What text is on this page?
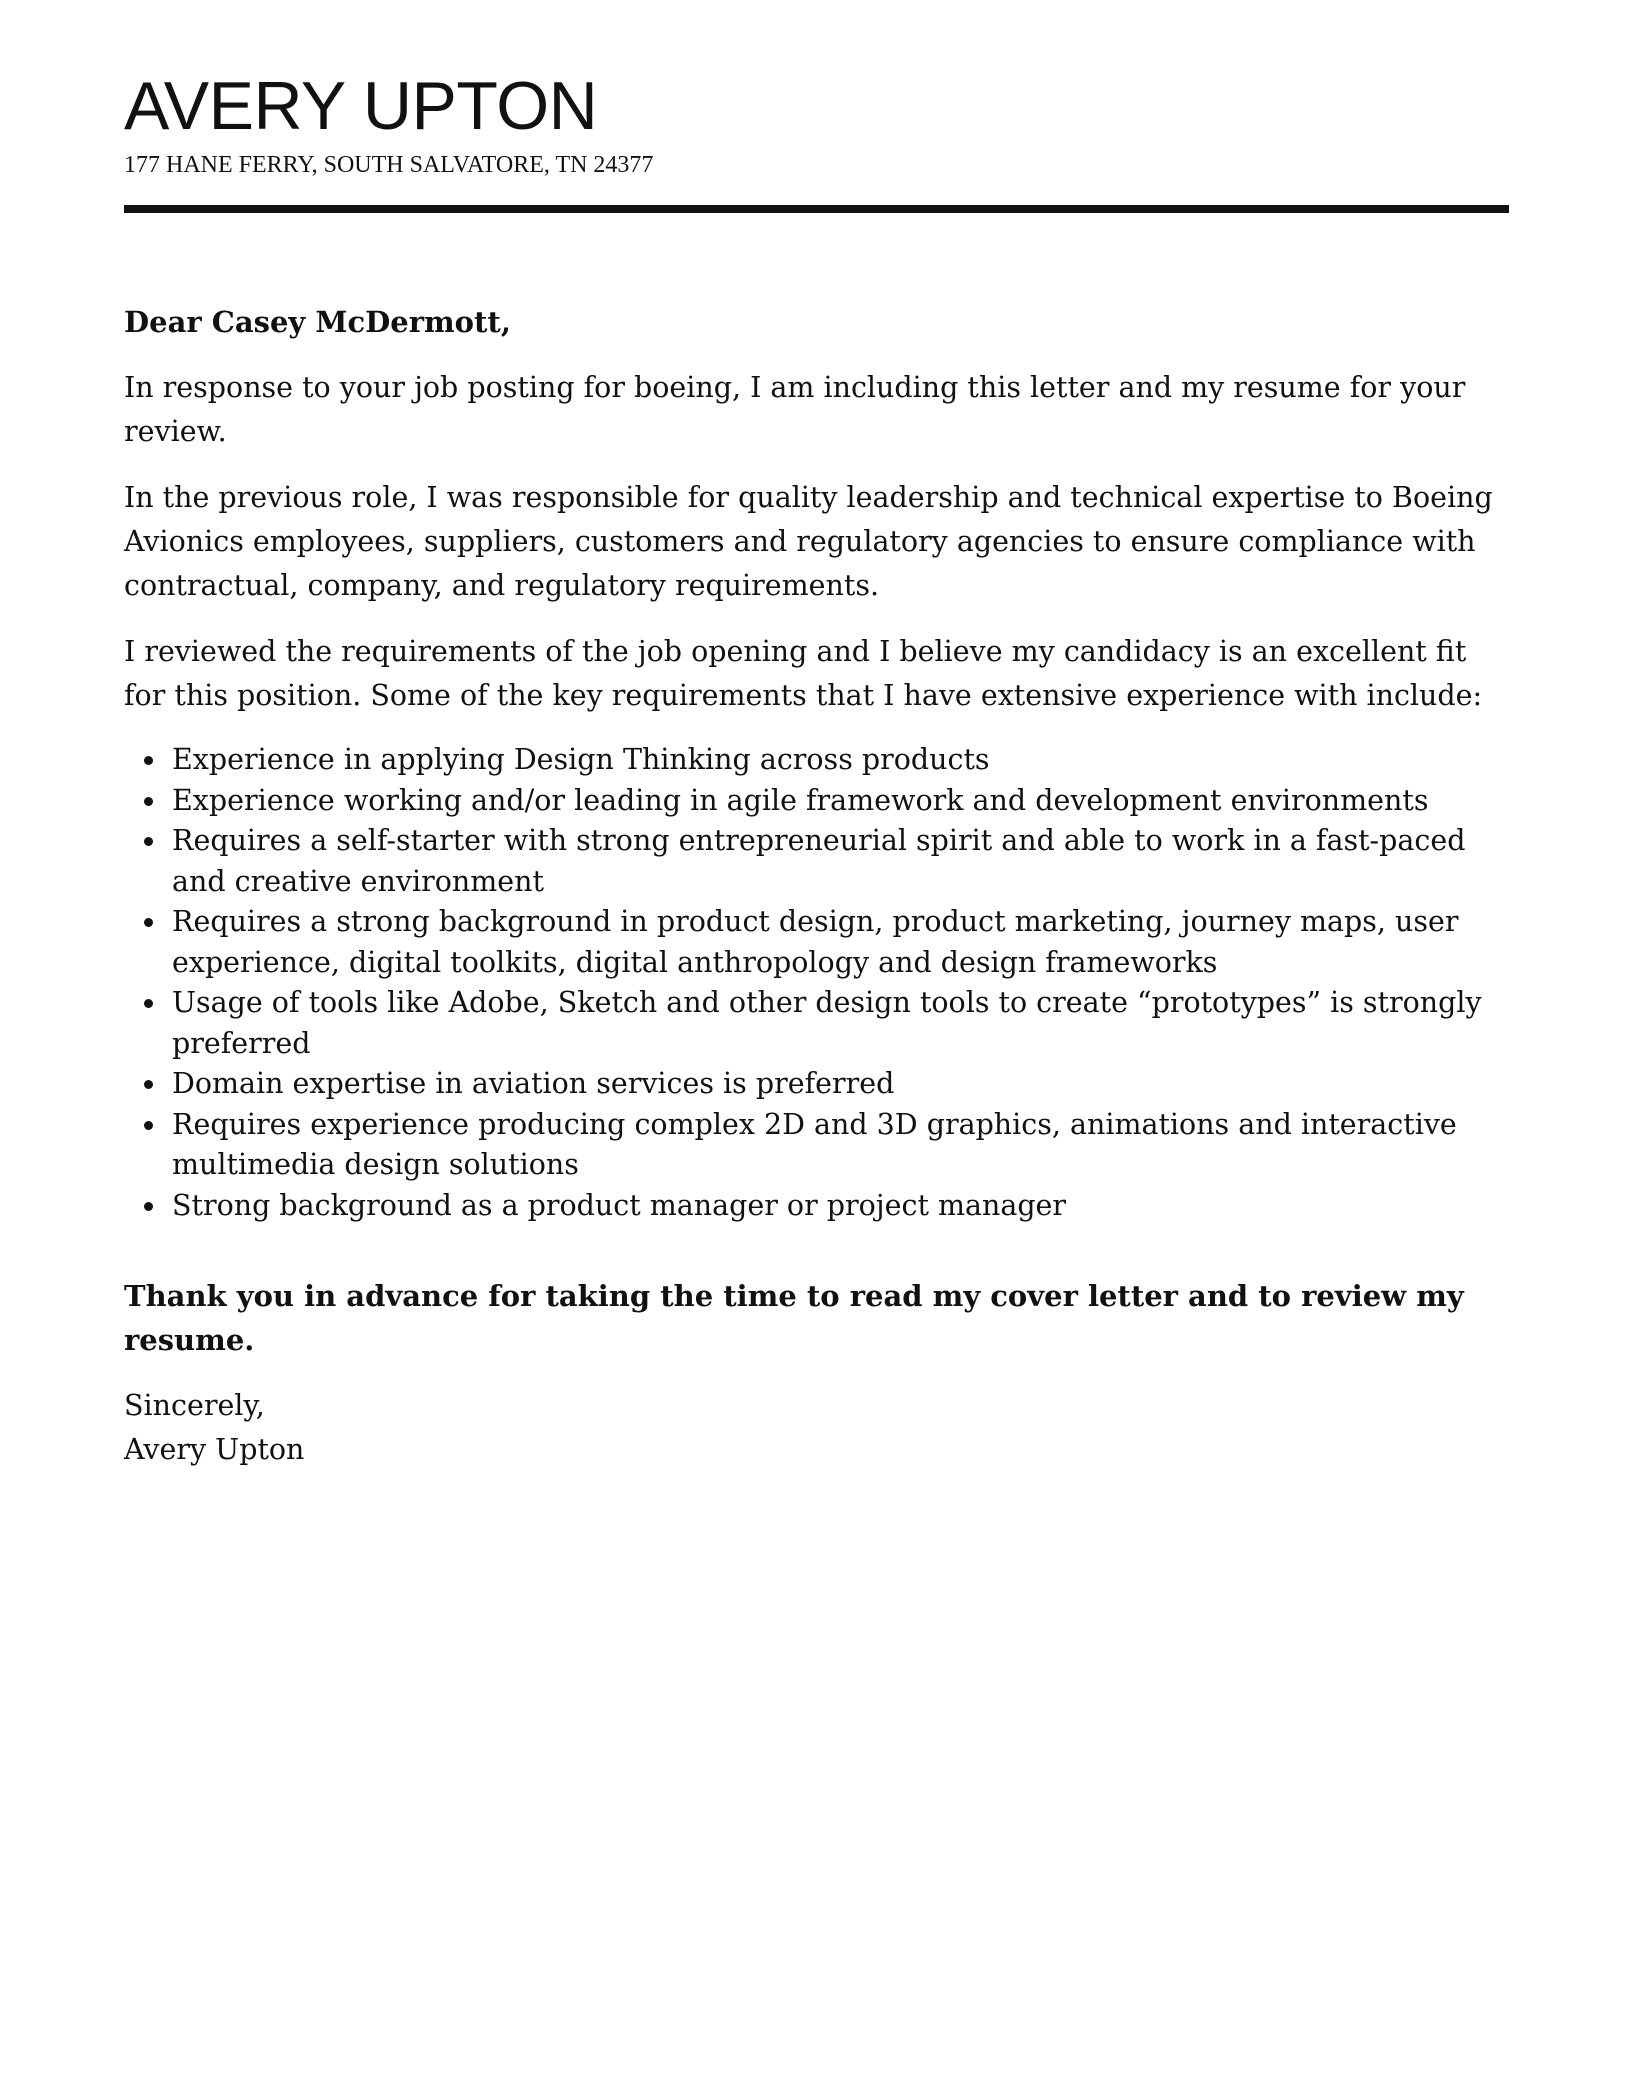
AVERY UPTON
177 HANE FERRY, SOUTH SALVATORE, TN 24377

Dear Casey McDermott,

In response to your job posting for boeing, I am including this letter and my resume for your review.

In the previous role, I was responsible for quality leadership and technical expertise to Boeing Avionics employees, suppliers, customers and regulatory agencies to ensure compliance with contractual, company, and regulatory requirements.

I reviewed the requirements of the job opening and I believe my candidacy is an excellent fit for this position. Some of the key requirements that I have extensive experience with include:

Experience in applying Design Thinking across products
Experience working and/or leading in agile framework and development environments
Requires a self-starter with strong entrepreneurial spirit and able to work in a fast-paced and creative environment
Requires a strong background in product design, product marketing, journey maps, user experience, digital toolkits, digital anthropology and design frameworks
Usage of tools like Adobe, Sketch and other design tools to create “prototypes” is strongly preferred
Domain expertise in aviation services is preferred
Requires experience producing complex 2D and 3D graphics, animations and interactive multimedia design solutions
Strong background as a product manager or project manager

Thank you in advance for taking the time to read my cover letter and to review my resume.

Sincerely,

Avery Upton
